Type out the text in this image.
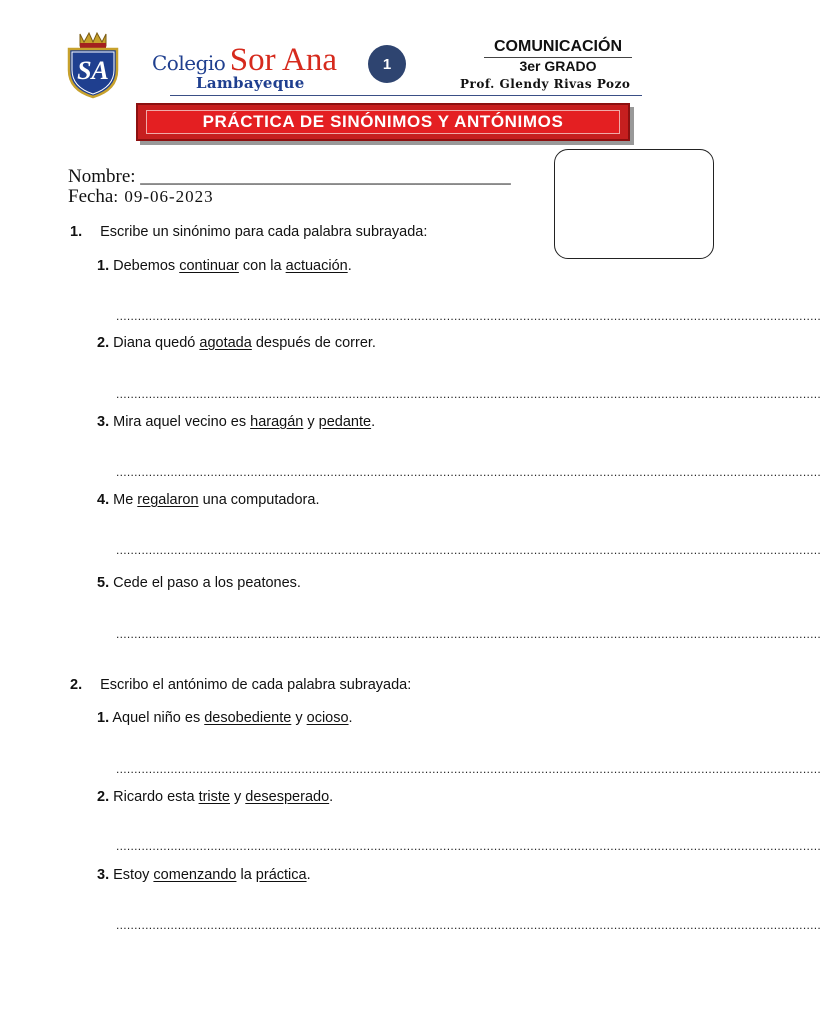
SA Colegio Sor Ana
Lambayeque
1
COMUNICACIÓN
3er GRADO
Prof. Glendy Rivas Pozo
PRÁCTICA DE SINÓNIMOS Y ANTÓNIMOS
Nombre: _______________________________________
Fecha: 09-06-2023
1. Escribe un sinónimo para cada palabra subrayada:
1. Debemos continuar con la actuación.
..................................................................................................................................................................................................
2. Diana quedó agotada después de correr.
..................................................................................................................................................................................................
3. Mira aquel vecino es haragán y pedante.
..................................................................................................................................................................................................
4. Me regalaron una computadora.
..................................................................................................................................................................................................
5. Cede el paso a los peatones.
..................................................................................................................................................................................................
2. Escribo el antónimo de cada palabra subrayada:
1. Aquel niño es desobediente y ocioso.
..................................................................................................................................................................................................
2. Ricardo esta triste y desesperado.
..................................................................................................................................................................................................
3. Estoy comenzando la práctica.
..................................................................................................................................................................................................
